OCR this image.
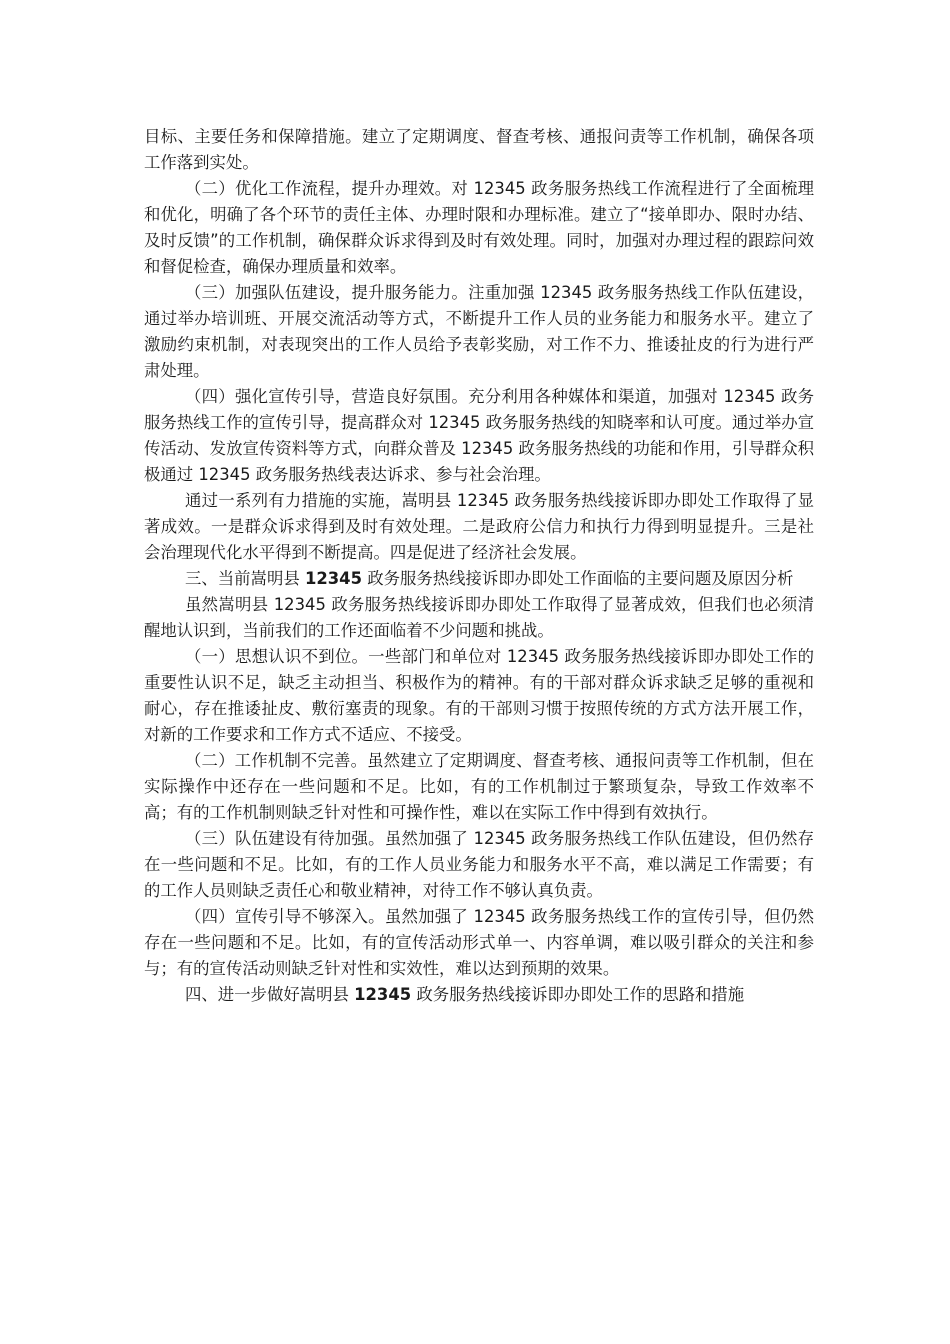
目标、主要任务和保障措施。建立了定期调度、督查考核、通报问责等工作机制，确保各项工作落到实处。

（二）优化工作流程，提升办理效。对 12345 政务服务热线工作流程进行了全面梳理和优化，明确了各个环节的责任主体、办理时限和办理标准。建立了“接单即办、限时办结、及时反馈”的工作机制，确保群众诉求得到及时有效处理。同时，加强对办理过程的跟踪问效和督促检查，确保办理质量和效率。

（三）加强队伍建设，提升服务能力。注重加强 12345 政务服务热线工作队伍建设，通过举办培训班、开展交流活动等方式，不断提升工作人员的业务能力和服务水平。建立了激励约束机制，对表现突出的工作人员给予表彰奖励，对工作不力、推诿扯皮的行为进行严肃处理。

（四）强化宣传引导，营造良好氛围。充分利用各种媒体和渠道，加强对 12345 政务服务热线工作的宣传引导，提高群众对 12345 政务服务热线的知晓率和认可度。通过举办宣传活动、发放宣传资料等方式，向群众普及 12345 政务服务热线的功能和作用，引导群众积极通过 12345 政务服务热线表达诉求、参与社会治理。

通过一系列有力措施的实施，嵩明县 12345 政务服务热线接诉即办即处工作取得了显著成效。一是群众诉求得到及时有效处理。二是政府公信力和执行力得到明显提升。三是社会治理现代化水平得到不断提高。四是促进了经济社会发展。

三、当前嵩明县 12345 政务服务热线接诉即办即处工作面临的主要问题及原因分析

虽然嵩明县 12345 政务服务热线接诉即办即处工作取得了显著成效，但我们也必须清醒地认识到，当前我们的工作还面临着不少问题和挑战。

（一）思想认识不到位。一些部门和单位对 12345 政务服务热线接诉即办即处工作的重要性认识不足，缺乏主动担当、积极作为的精神。有的干部对群众诉求缺乏足够的重视和耐心，存在推诿扯皮、敷衍塞责的现象。有的干部则习惯于按照传统的方式方法开展工作，对新的工作要求和工作方式不适应、不接受。

（二）工作机制不完善。虽然建立了定期调度、督查考核、通报问责等工作机制，但在实际操作中还存在一些问题和不足。比如，有的工作机制过于繁琐复杂，导致工作效率不高；有的工作机制则缺乏针对性和可操作性，难以在实际工作中得到有效执行。

（三）队伍建设有待加强。虽然加强了 12345 政务服务热线工作队伍建设，但仍然存在一些问题和不足。比如，有的工作人员业务能力和服务水平不高，难以满足工作需要；有的工作人员则缺乏责任心和敬业精神，对待工作不够认真负责。

（四）宣传引导不够深入。虽然加强了 12345 政务服务热线工作的宣传引导，但仍然存在一些问题和不足。比如，有的宣传活动形式单一、内容单调，难以吸引群众的关注和参与；有的宣传活动则缺乏针对性和实效性，难以达到预期的效果。

四、进一步做好嵩明县 12345 政务服务热线接诉即办即处工作的思路和措施
